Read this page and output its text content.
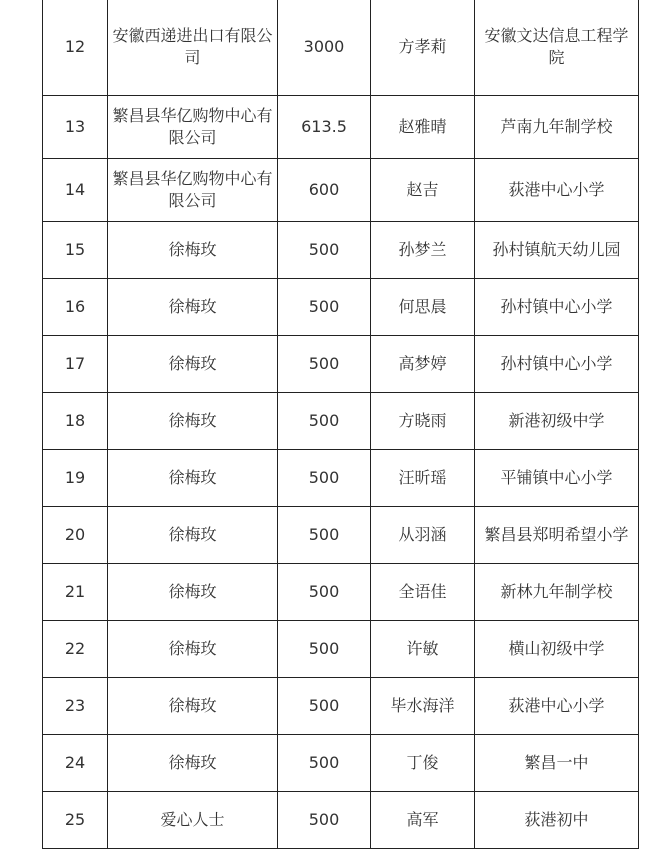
12	安徽西递进出口有限公司	3000	方孝莉	安徽文达信息工程学院
13	繁昌县华亿购物中心有限公司	613.5	赵雅晴	芦南九年制学校
14	繁昌县华亿购物中心有限公司	600	赵吉	荻港中心小学
15	徐梅玫	500	孙梦兰	孙村镇航天幼儿园
16	徐梅玫	500	何思晨	孙村镇中心小学
17	徐梅玫	500	高梦婷	孙村镇中心小学
18	徐梅玫	500	方晓雨	新港初级中学
19	徐梅玫	500	汪昕瑶	平铺镇中心小学
20	徐梅玫	500	从羽涵	繁昌县郑明希望小学
21	徐梅玫	500	全语佳	新林九年制学校
22	徐梅玫	500	许敏	横山初级中学
23	徐梅玫	500	毕水海洋	荻港中心小学
24	徐梅玫	500	丁俊	繁昌一中
25	爱心人士	500	高军	荻港初中
